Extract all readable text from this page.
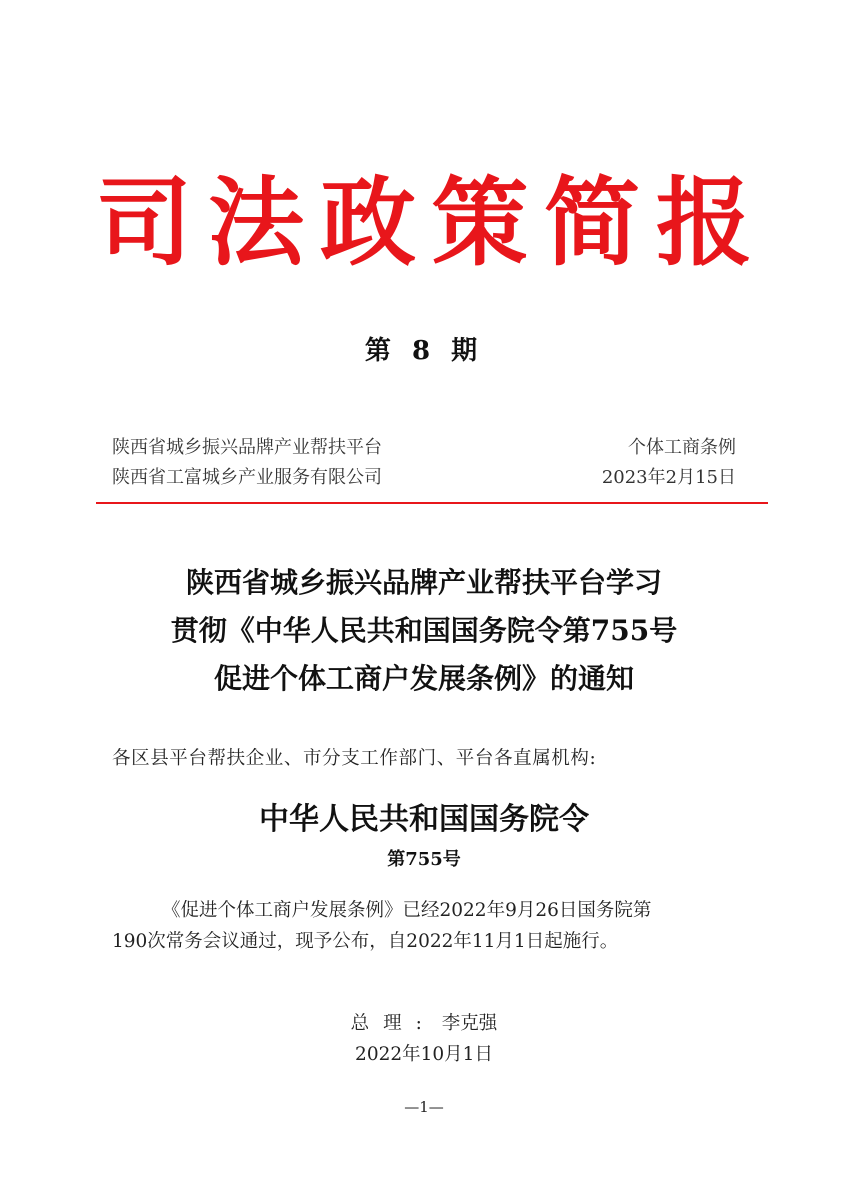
司 法 政 策 简 报
第 8 期
陕西省城乡振兴品牌产业帮扶平台	个体工商条例
陕西省工富城乡产业服务有限公司	2023年2月15日
陕西省城乡振兴品牌产业帮扶平台学习
贯彻《中华人民共和国国务院令第755号
促进个体工商户发展条例》的通知
各区县平台帮扶企业、市分支工作部门、平台各直属机构:
中华人民共和国国务院令
第755号
《促进个体工商户发展条例》已经2022年9月26日国务院第
190次常务会议通过，现予公布，自2022年11月1日起施行。
总理: 李克强
2022年10月1日
—1—
